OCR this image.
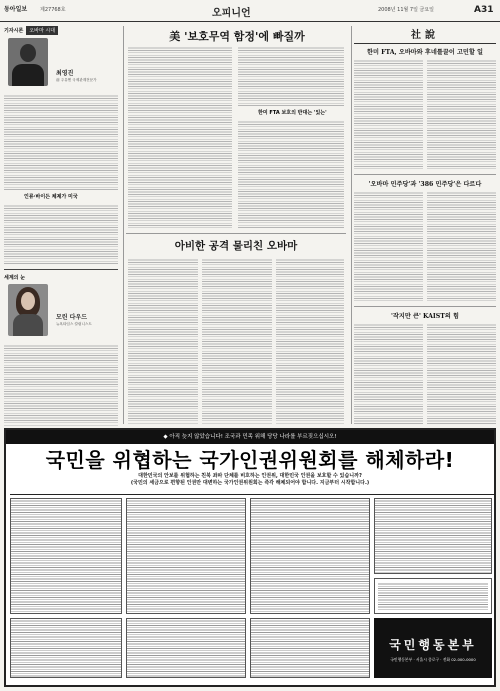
동아일보	제27768호	오피니언	2008년 11월 7일 금요일	A31
기자시론	오바마 시대
최영진
前 주유엔 국제관계전문가
인류·바이든 체제가 미국
세계의 눈
모린 다우드
뉴욕타임스 칼럼니스트
美 '보호무역 함정'에 빠질까
한미 FTA 보호의 반대는 '있는'
아비한 공격 물리친 오바마
社說
한미 FTA, 오바마와 후네틀끌이 고민할 일
'오바마 민주당'과 '386 민주당'은 다르다
'작지만 큰' KAIST의 힘
◆ 아직 늦지 않았습니다! 조국과 민족 위해 당당 나라를 부르짖으십시오!
국민을 위협하는 국가인권위원회를 해체하라!
대한민국의 안보를 위협하는 친북 좌파 단체를 비호하는 인권위, 대한민국 인권을 보호할 수 있습니까?
(국민의 세금으로 편향된 인권만 대변하는 국가인권위원회는 즉각 해체되어야 합니다. 지금부터 시작합니다.)
국민행동본부
국민행동본부 · 서울시 종로구 · 전화 02-000-0000
